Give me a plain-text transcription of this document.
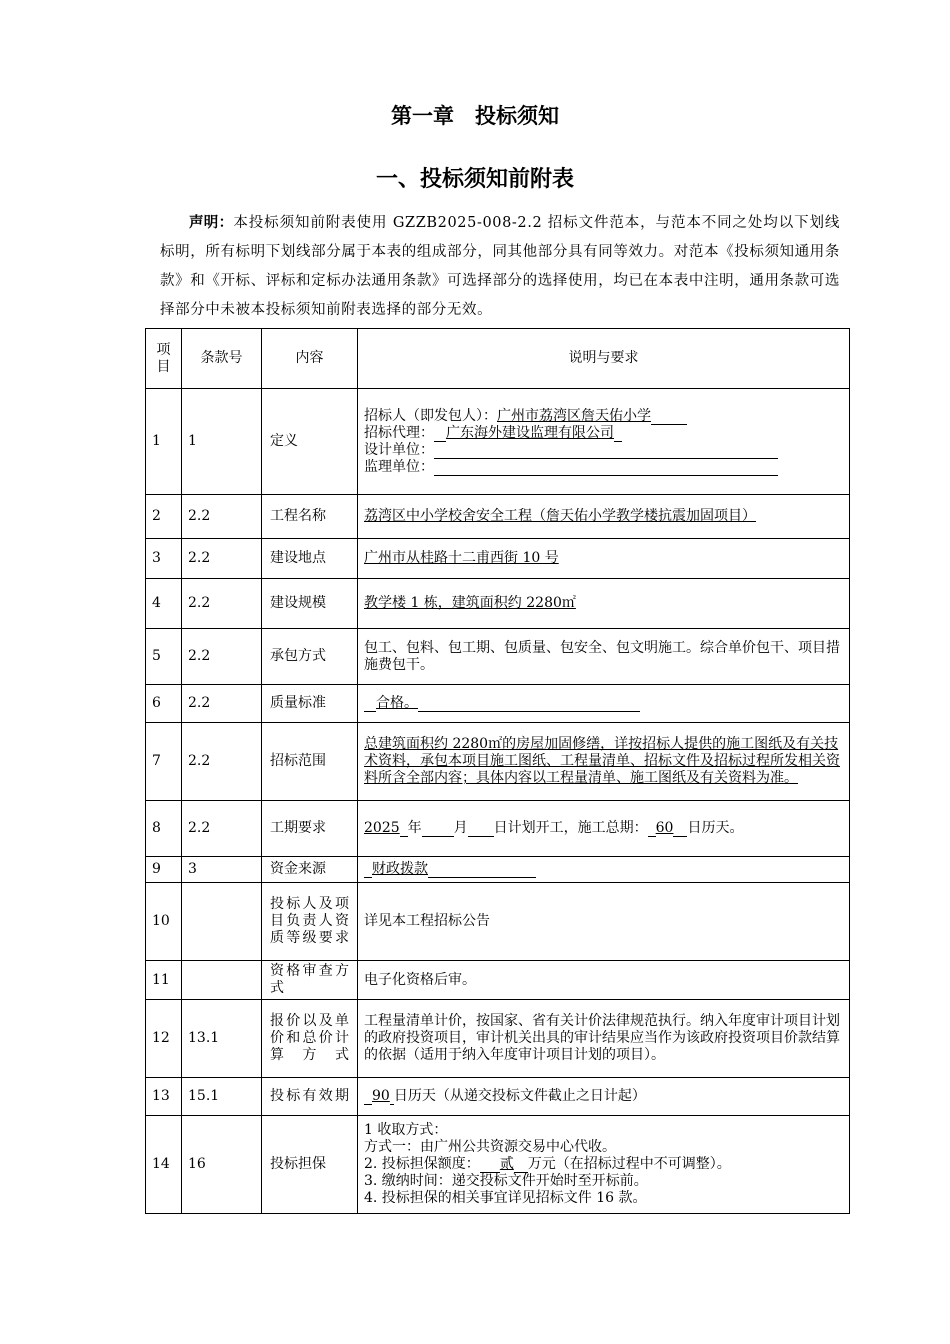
第一章　投标须知
一、投标须知前附表
声明：本投标须知前附表使用 GZZB2025-008-2.2 招标文件范本，与范本不同之处均以下划线标明，所有标明下划线部分属于本表的组成部分，同其他部分具有同等效力。对范本《投标须知通用条款》和《开标、评标和定标办法通用条款》可选择部分的选择使用，均已在本表中注明，通用条款可选择部分中未被本投标须知前附表选择的部分无效。
项目	条款号	内容	说明与要求
1	1	定义	招标人（即发包人）：广州市荔湾区詹天佑小学
招标代理： 广东海外建设监理有限公司
设计单位：
监理单位：

2	2.2	工程名称	荔湾区中小学校舍安全工程（詹天佑小学教学楼抗震加固项目）
3	2.2	建设地点	广州市从桂路十二甫西街 10 号
4	2.2	建设规模	教学楼 1 栋，建筑面积约 2280㎡
5	2.2	承包方式	包工、包料、包工期、包质量、包安全、包文明施工。综合单价包干、项目措施费包干。
6	2.2	质量标准	合格。
7	2.2	招标范围	总建筑面积约 2280㎡的房屋加固修缮，详按招标人提供的施工图纸及有关技术资料，承包本项目施工图纸、工程量清单、招标文件及招标过程所发相关资料所含全部内容；具体内容以工程量清单、施工图纸及有关资料为准。
8	2.2	工期要求	2025 年 月 日计划开工，施工总期： 60 日历天。
9	3	资金来源	财政拨款
10		投标人及项目负责人资质等级要求	详见本工程招标公告
11		资格审查方式	电子化资格后审。
12	13.1	报价以及单价和总价计算方式	工程量清单计价，按国家、省有关计价法律规范执行。纳入年度审计项目计划的政府投资项目，审计机关出具的审计结果应当作为该政府投资项目价款结算的依据（适用于纳入年度审计项目计划的项目）。
13	15.1	投标有效期	90 日历天（从递交投标文件截止之日计起）
14	16	投标担保	1 收取方式：
方式一：由广州公共资源交易中心代收。
2. 投标担保额度： 贰 万元（在招标过程中不可调整）。
3. 缴纳时间：递交投标文件开始时至开标前。
4. 投标担保的相关事宜详见招标文件 16 款。
